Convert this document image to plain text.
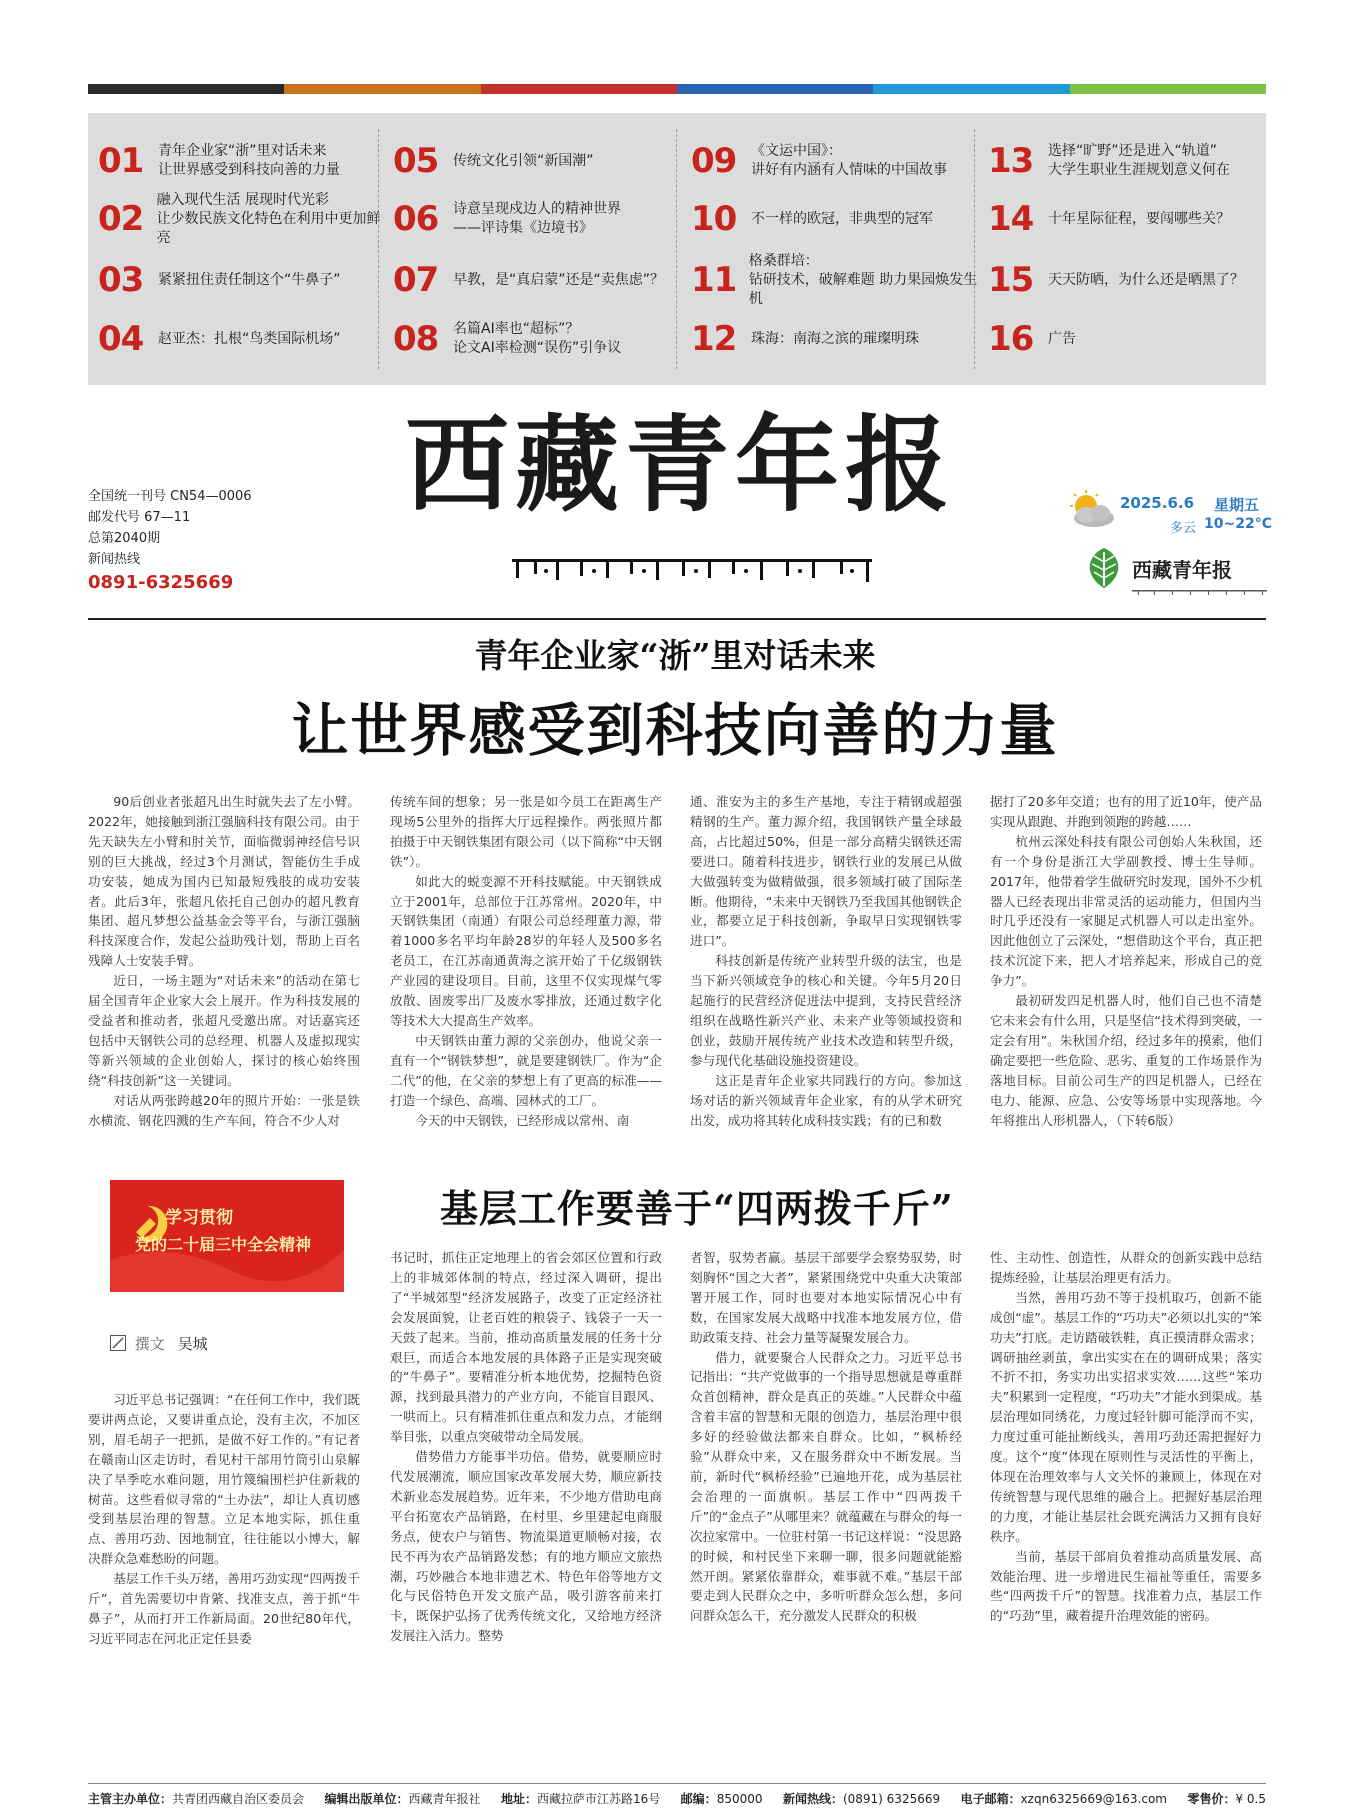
01	青年企业家“浙”里对话未来
让世界感受到科技向善的力量
02 融入现代生活 展现时代光彩
让少数民族文化特色在利用中更加鲜亮
03	紧紧扭住责任制这个“牛鼻子”
04	赵亚杰：扎根“鸟类国际机场”
05	传统文化引领“新国潮”
06	诗意呈现戍边人的精神世界
——评诗集《边境书》
07	早教，是“真启蒙”还是“卖焦虑”？
08	名篇AI率也“超标”？
论文AI率检测“误伤”引争议
09	《文运中国》：
讲好有内涵有人情味的中国故事
10	不一样的欧冠，非典型的冠军
11 格桑群培：
钻研技术，破解难题 助力果园焕发生机
12	珠海：南海之滨的璀璨明珠
13	选择“旷野”还是进入“轨道”
大学生职业生涯规划意义何在
14	十年星际征程，要闯哪些关？
15	天天防晒，为什么还是晒黑了？
16	广告
西藏青年报
全国统一刊号 CN54—0006
邮发代号 67—11
总第2040期
新闻热线
0891-6325669
2025.6.6 星期五
多云 10~22°C
西藏青年报
青年企业家“浙”里对话未来
让世界感受到科技向善的力量

90后创业者张超凡出生时就失去了左小臂。2022年，她接触到浙江强脑科技有限公司。由于先天缺失左小臂和肘关节，面临微弱神经信号识别的巨大挑战，经过3个月测试，智能仿生手成功安装，她成为国内已知最短残肢的成功安装者。此后3年，张超凡依托自己创办的超凡教育集团、超凡梦想公益基金会等平台，与浙江强脑科技深度合作，发起公益助残计划，帮助上百名残障人士安装手臂。

近日，一场主题为“对话未来”的活动在第七届全国青年企业家大会上展开。作为科技发展的受益者和推动者，张超凡受邀出席。对话嘉宾还包括中天钢铁公司的总经理、机器人及虚拟现实等新兴领域的企业创始人，探讨的核心始终围绕“科技创新”这一关键词。

对话从两张跨越20年的照片开始：一张是铁水横流、钢花四溅的生产车间，符合不少人对

传统车间的想象；另一张是如今员工在距离生产现场5公里外的指挥大厅远程操作。两张照片都拍摄于中天钢铁集团有限公司（以下简称“中天钢铁”）。

如此大的蜕变源不开科技赋能。中天钢铁成立于2001年，总部位于江苏常州。2020年，中天钢铁集团（南通）有限公司总经理董力源，带着1000多名平均年龄28岁的年轻人及500多名老员工，在江苏南通黄海之滨开始了千亿级钢铁产业园的建设项目。目前，这里不仅实现煤气零放散、固废零出厂及废水零排放，还通过数字化等技术大大提高生产效率。

中天钢铁由董力源的父亲创办，他说父亲一直有一个“钢铁梦想”，就是要建钢铁厂。作为“企二代”的他，在父亲的梦想上有了更高的标准——打造一个绿色、高端、园林式的工厂。

今天的中天钢铁，已经形成以常州、南

通、淮安为主的多生产基地，专注于精钢或超强精钢的生产。董力源介绍，我国钢铁产量全球最高，占比超过50%，但是一部分高精尖钢铁还需要进口。随着科技进步，钢铁行业的发展已从做大做强转变为做精做强，很多领域打破了国际垄断。他期待，“未来中天钢铁乃至我国其他钢铁企业，都要立足于科技创新，争取早日实现钢铁零进口”。

科技创新是传统产业转型升级的法宝，也是当下新兴领域竞争的核心和关键。今年5月20日起施行的民营经济促进法中提到，支持民营经济组织在战略性新兴产业、未来产业等领域投资和创业，鼓励开展传统产业技术改造和转型升级，参与现代化基础设施投资建设。

这正是青年企业家共同践行的方向。参加这场对话的新兴领域青年企业家，有的从学术研究出发，成功将其转化成科技实践；有的已和数

据打了20多年交道；也有的用了近10年，使产品实现从跟跑、并跑到领跑的跨越……

杭州云深处科技有限公司创始人朱秋国，还有一个身份是浙江大学副教授、博士生导师。2017年，他带着学生做研究时发现，国外不少机器人已经表现出非常灵活的运动能力，但国内当时几乎还没有一家腿足式机器人可以走出室外。因此他创立了云深处，“想借助这个平台，真正把技术沉淀下来，把人才培养起来，形成自己的竞争力”。

最初研发四足机器人时，他们自己也不清楚它未来会有什么用，只是坚信“技术得到突破，一定会有用”。朱秋国介绍，经过多年的摸索，他们确定要把一些危险、恶劣、重复的工作场景作为落地目标。目前公司生产的四足机器人，已经在电力、能源、应急、公安等场景中实现落地。今年将推出人形机器人，（下转6版）

学习贯彻
党的二十届三中全会精神
基层工作要善于“四两拨千斤”
撰文 吴城

习近平总书记强调：“在任何工作中，我们既要讲两点论，又要讲重点论，没有主次，不加区别，眉毛胡子一把抓，是做不好工作的。”有记者在赣南山区走访时，看见村干部用竹筒引山泉解决了旱季吃水难问题，用竹篾编围栏护住新栽的树苗。这些看似寻常的“土办法”，却让人真切感受到基层治理的智慧。立足本地实际，抓住重点、善用巧劲、因地制宜，往往能以小博大，解决群众急难愁盼的问题。

基层工作千头万绪，善用巧劲实现“四两拨千斤”，首先需要切中肯綮、找准支点，善于抓“牛鼻子”，从而打开工作新局面。20世纪80年代，习近平同志在河北正定任县委

书记时，抓住正定地理上的省会郊区位置和行政上的非城郊体制的特点，经过深入调研，提出了“半城郊型”经济发展路子，改变了正定经济社会发展面貌，让老百姓的粮袋子、钱袋子一天一天鼓了起来。当前，推动高质量发展的任务十分艰巨，而适合本地发展的具体路子正是实现突破的“牛鼻子”。要精准分析本地优势，挖掘特色资源，找到最具潜力的产业方向，不能盲目跟风、一哄而上。只有精准抓住重点和发力点，才能纲举目张，以重点突破带动全局发展。

借势借力方能事半功倍。借势，就要顺应时代发展潮流，顺应国家改革发展大势，顺应新技术新业态发展趋势。近年来，不少地方借助电商平台拓宽农产品销路，在村里、乡里建起电商服务点，使农户与销售、物流渠道更顺畅对接，农民不再为农产品销路发愁；有的地方顺应文旅热潮，巧妙融合本地非遗艺术、特色年俗等地方文化与民俗特色开发文旅产品，吸引游客前来打卡，既保护弘扬了优秀传统文化，又给地方经济发展注入活力。整势

者智，驭势者赢。基层干部要学会察势驭势，时刻胸怀“国之大者”，紧紧围绕党中央重大决策部署开展工作，同时也要对本地实际情况心中有数，在国家发展大战略中找准本地发展方位，借助政策支持、社会力量等凝聚发展合力。

借力，就要聚合人民群众之力。习近平总书记指出：“共产党做事的一个指导思想就是尊重群众首创精神，群众是真正的英雄。”人民群众中蕴含着丰富的智慧和无限的创造力，基层治理中很多好的经验做法都来自群众。比如，“枫桥经验”从群众中来，又在服务群众中不断发展。当前，新时代“枫桥经验”已遍地开花，成为基层社会治理的一面旗帜。基层工作中“四两拨千斤”的“金点子”从哪里来？就蕴藏在与群众的每一次拉家常中。一位驻村第一书记这样说：“没思路的时候，和村民坐下来聊一聊，很多问题就能豁然开朗。紧紧依靠群众，难事就不难。”基层干部要走到人民群众之中，多听听群众怎么想，多问问群众怎么干，充分激发人民群众的积极

性、主动性、创造性，从群众的创新实践中总结提炼经验，让基层治理更有活力。

当然，善用巧劲不等于投机取巧，创新不能成创“虚”。基层工作的“巧功夫”必须以扎实的“笨功夫”打底。走访踏破铁鞋，真正摸清群众需求；调研抽丝剥茧，拿出实实在在的调研成果；落实不折不扣，务实功出实招求实效……这些“笨功夫”积累到一定程度，“巧功夫”才能水到渠成。基层治理如同绣花，力度过轻针脚可能浮而不实，力度过重可能扯断线头，善用巧劲还需把握好力度。这个“度”体现在原则性与灵活性的平衡上，体现在治理效率与人文关怀的兼顾上，体现在对传统智慧与现代思维的融合上。把握好基层治理的力度，才能让基层社会既充满活力又拥有良好秩序。

当前，基层干部肩负着推动高质量发展、高效能治理、进一步增进民生福祉等重任，需要多些“四两拨千斤”的智慧。找准着力点，基层工作的“巧劲”里，藏着提升治理效能的密码。

主管主办单位：共青团西藏自治区委员会 编辑出版单位：西藏青年报社 地址：西藏拉萨市江苏路16号 邮编：850000 新闻热线：(0891) 6325669 电子邮箱：xzqn6325669@163.com 零售价：¥ 0.5
